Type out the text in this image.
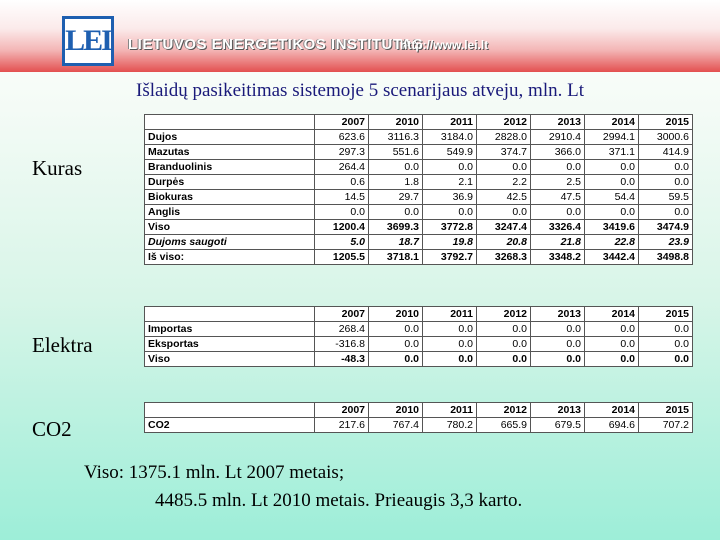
LEI LIETUVOS ENERGETIKOS INSTITUTAS
http://www.lei.lt
Išlaidų pasikeitimas sistemoje 5 scenarijaus atveju, mln. Lt
Kuras
Elektra
CO2
	2007	2010	2011	2012	2013	2014	2015
Dujos	623.6	3116.3	3184.0	2828.0	2910.4	2994.1	3000.6
Mazutas	297.3	551.6	549.9	374.7	366.0	371.1	414.9
Branduolinis	264.4	0.0	0.0	0.0	0.0	0.0	0.0
Durpės	0.6	1.8	2.1	2.2	2.5	0.0	0.0
Biokuras	14.5	29.7	36.9	42.5	47.5	54.4	59.5
Anglis	0.0	0.0	0.0	0.0	0.0	0.0	0.0
Viso	1200.4	3699.3	3772.8	3247.4	3326.4	3419.6	3474.9
Dujoms saugoti	5.0	18.7	19.8	20.8	21.8	22.8	23.9
Iš viso:	1205.5	3718.1	3792.7	3268.3	3348.2	3442.4	3498.8
	2007	2010	2011	2012	2013	2014	2015
Importas	268.4	0.0	0.0	0.0	0.0	0.0	0.0
Eksportas	-316.8	0.0	0.0	0.0	0.0	0.0	0.0
Viso	-48.3	0.0	0.0	0.0	0.0	0.0	0.0
	2007	2010	2011	2012	2013	2014	2015
CO2	217.6	767.4	780.2	665.9	679.5	694.6	707.2
Viso: 1375.1 mln. Lt 2007 metais;
4485.5 mln. Lt 2010 metais. Prieaugis 3,3 karto.
